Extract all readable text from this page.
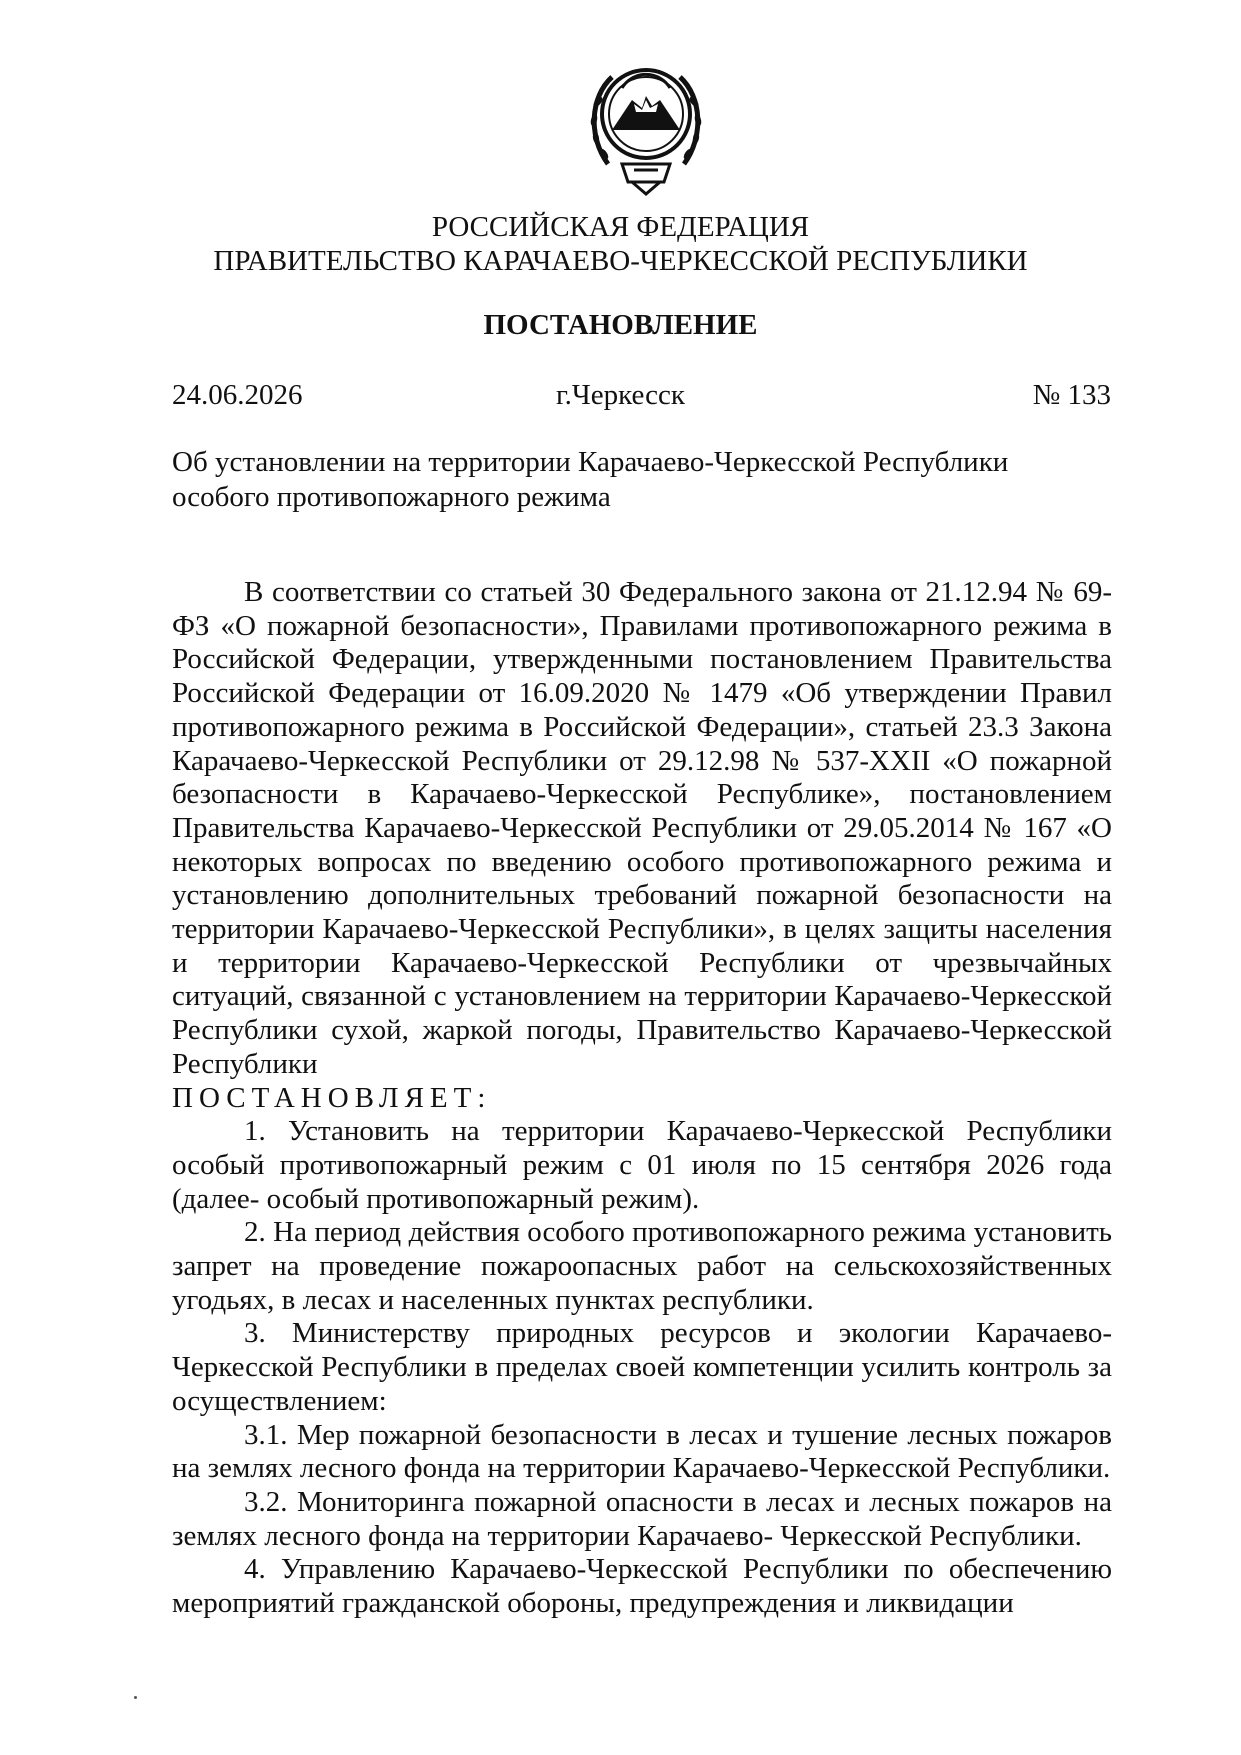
РОССИЙСКАЯ ФЕДЕРАЦИЯ
ПРАВИТЕЛЬСТВО КАРАЧАЕВО-ЧЕРКЕССКОЙ РЕСПУБЛИКИ
ПОСТАНОВЛЕНИЕ
24.06.2026	г.Черкесск	№ 133
Об установлении на территории Карачаево-Черкесской Республики особого противопожарного режима

В соответствии со статьей 30 Федерального закона от 21.12.94 № 69-ФЗ «О пожарной безопасности», Правилами противопожарного режима в Российской Федерации, утвержденными постановлением Правительства Российской Федерации от 16.09.2020 № 1479 «Об утверждении Правил противопожарного режима в Российской Федерации», статьей 23.3 Закона Карачаево-Черкесской Республики от 29.12.98 № 537-XXII «О пожарной безопасности в Карачаево-Черкесской Республике», постановлением Правительства Карачаево-Черкесской Республики от 29.05.2014 № 167 «О некоторых вопросах по введению особого противопожарного режима и установлению дополнительных требований пожарной безопасности на территории Карачаево-Черкесской Республики», в целях защиты населения и территории Карачаево-Черкесской Республики от чрезвычайных ситуаций, связанной с установлением на территории Карачаево-Черкесской Республики сухой, жаркой погоды, Правительство Карачаево-Черкесской Республики

ПОСТАНОВЛЯЕТ:

1. Установить на территории Карачаево-Черкесской Республики особый противопожарный режим с 01 июля по 15 сентября 2026 года (далее- особый противопожарный режим).

2. На период действия особого противопожарного режима установить запрет на проведение пожароопасных работ на сельскохозяйственных угодьях, в лесах и населенных пунктах республики.

3. Министерству природных ресурсов и экологии Карачаево-Черкесской Республики в пределах своей компетенции усилить контроль за осуществлением:

3.1. Мер пожарной безопасности в лесах и тушение лесных пожаров на землях лесного фонда на территории Карачаево-Черкесской Республики.

3.2. Мониторинга пожарной опасности в лесах и лесных пожаров на землях лесного фонда на территории Карачаево- Черкесской Республики.

4. Управлению Карачаево-Черкесской Республики по обеспечению мероприятий гражданской обороны, предупреждения и ликвидации
